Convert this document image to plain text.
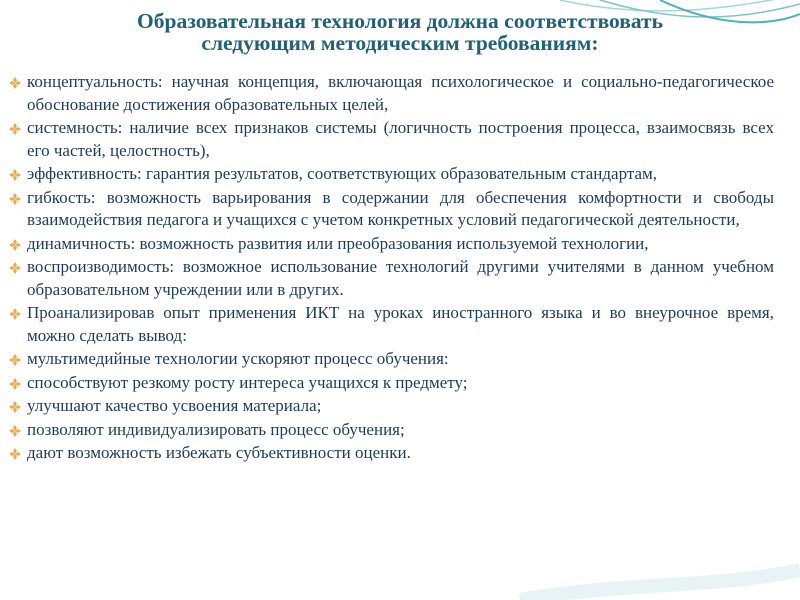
Образовательная технология должна соответствовать
следующим методическим требованиям:
концептуальность: научная концепция, включающая психологическое и социально-педагогическое обоснование достижения образовательных целей,
системность: наличие всех признаков системы (логичность построения процесса, взаимосвязь всех его частей, целостность),
эффективность: гарантия результатов, соответствующих образовательным стандартам,
гибкость: возможность варьирования в содержании для обеспечения комфортности и свободы взаимодействия педагога и учащихся с учетом конкретных условий педагогической деятельности,
динамичность: возможность развития или преобразования используемой технологии,
воспроизводимость: возможное использование технологий другими учителями в данном учебном образовательном учреждении или в других.
Проанализировав опыт применения ИКТ на уроках иностранного языка и во внеурочное время, можно сделать вывод:
мультимедийные технологии ускоряют процесс обучения:
способствуют резкому росту интереса учащихся к предмету;
улучшают качество усвоения материала;
позволяют индивидуализировать процесс обучения;
дают возможность избежать субъективности оценки.
